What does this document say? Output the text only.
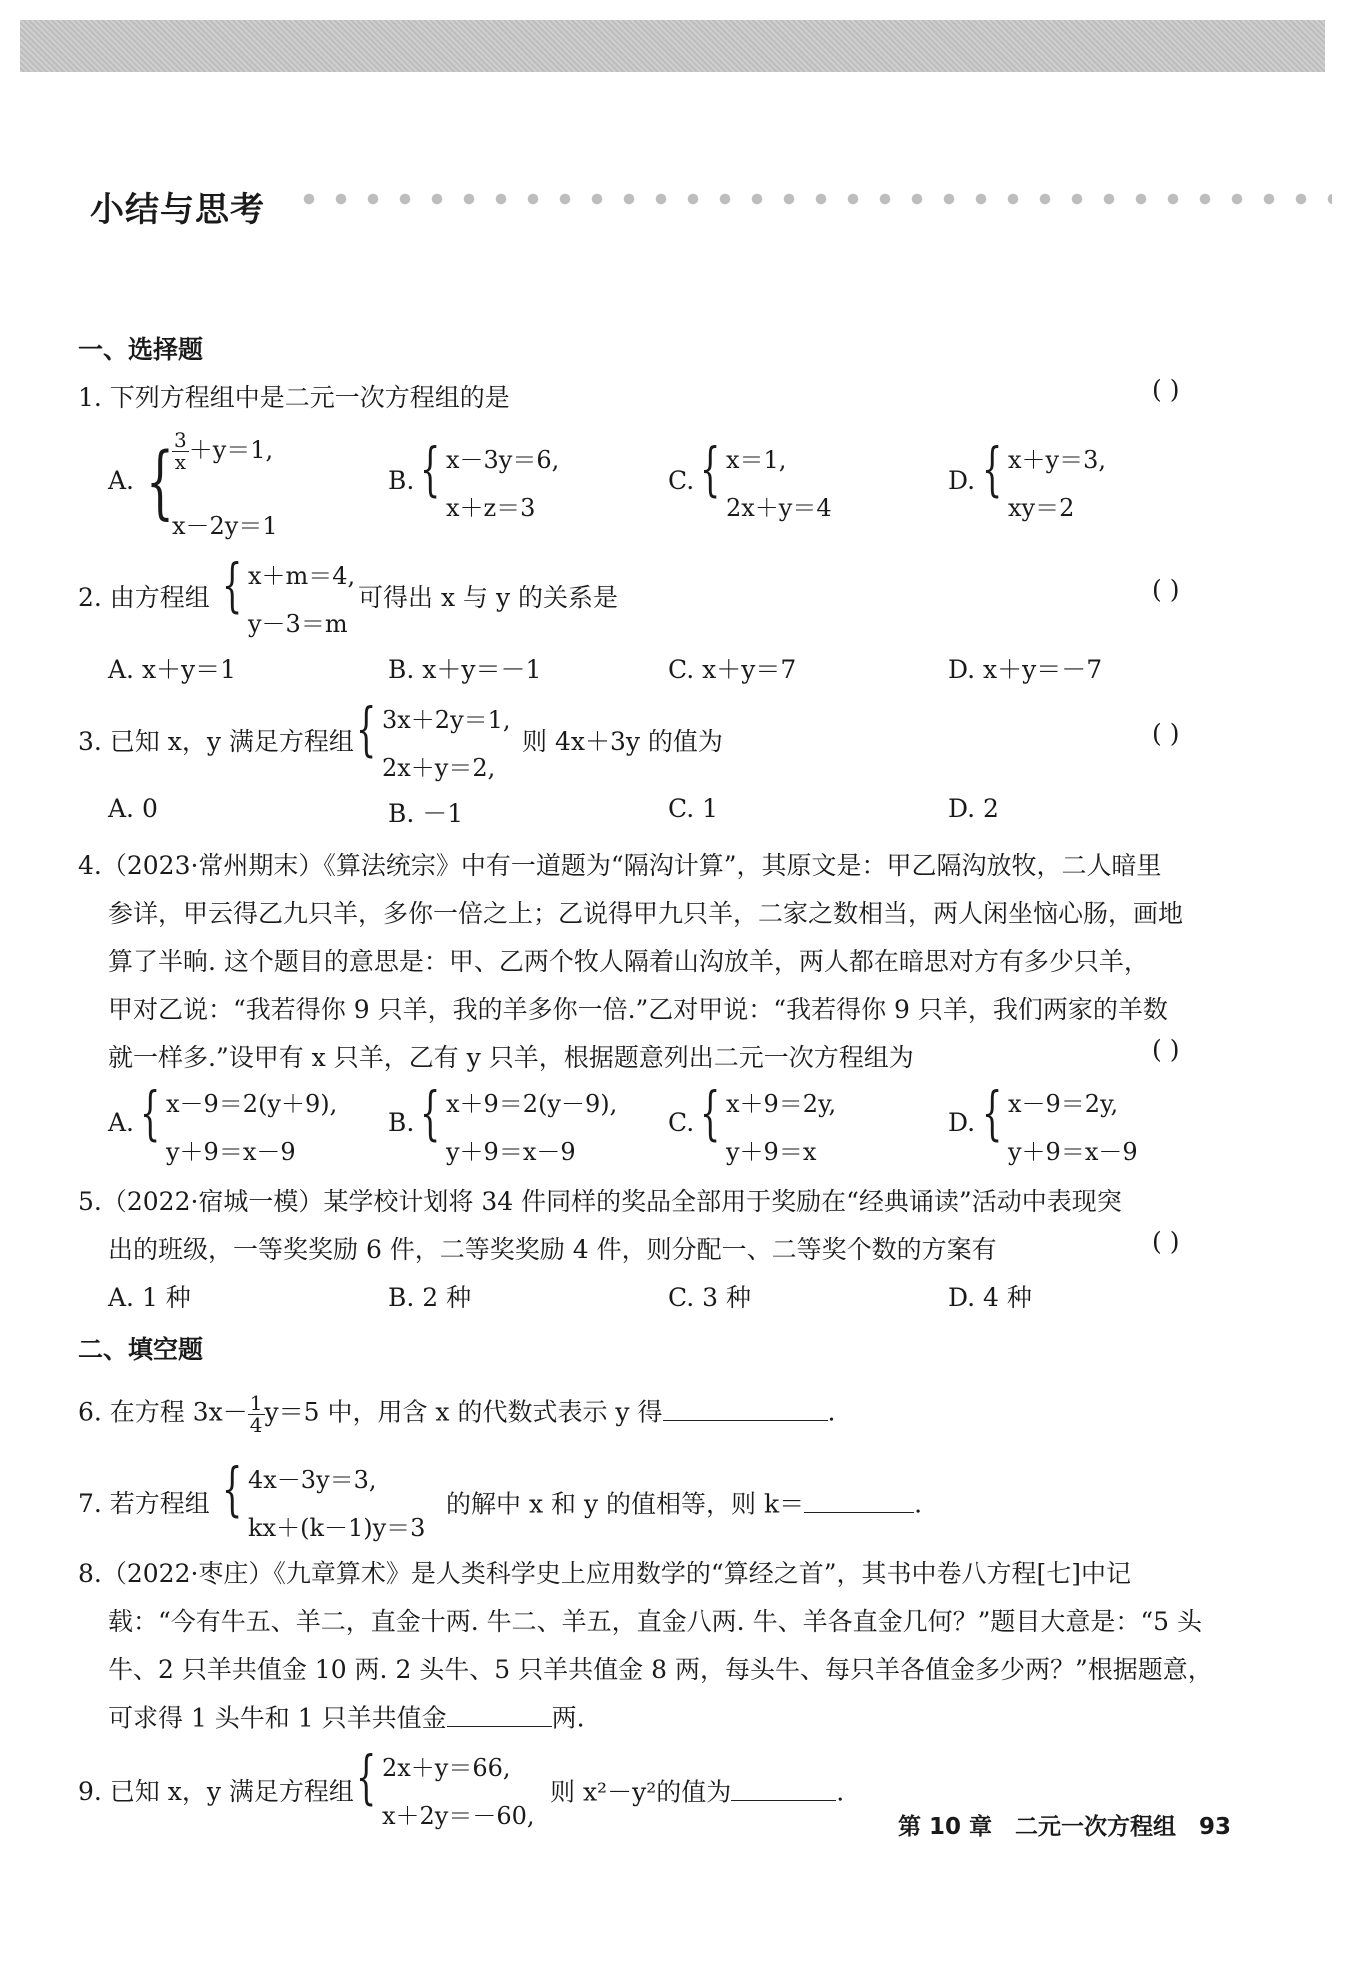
小结与思考
一、选择题
1. 下列方程组中是二元一次方程组的是	( )
A. {
$\frac{3}{x} +y=1$,
x－2y＝1
B. { x－3y＝6,
x＋z＝3
C. { x＝1,
2x＋y＝4
D. { x＋y＝3,
xy＝2
2. 由方程组 { x＋m＝4,
y－3＝m
可得出 x 与 y 的关系是	( )
A. x＋y＝1	B. x＋y＝－1	C. x＋y＝7	D. x＋y＝－7
3. 已知 x，y 满足方程组 { 3x＋2y＝1,
2x＋y＝2,
则 4x＋3y 的值为	( )
A. 0	B. －1	C. 1	D. 2
4.（2023·常州期末）《算法统宗》中有一道题为“隔沟计算”，其原文是：甲乙隔沟放牧，二人暗里
参详，甲云得乙九只羊，多你一倍之上；乙说得甲九只羊，二家之数相当，两人闲坐恼心肠，画地
算了半晌. 这个题目的意思是：甲、乙两个牧人隔着山沟放羊，两人都在暗思对方有多少只羊，
甲对乙说：“我若得你 9 只羊，我的羊多你一倍.”乙对甲说：“我若得你 9 只羊，我们两家的羊数
就一样多.”设甲有 x 只羊，乙有 y 只羊，根据题意列出二元一次方程组为	( )
A. { x－9＝2(y＋9),
y＋9＝x－9
B. { x＋9＝2(y－9),
y＋9＝x－9
C. { x＋9＝2y,
y＋9＝x
D. { x－9＝2y,
y＋9＝x－9
5.（2022·宿城一模）某学校计划将 34 件同样的奖品全部用于奖励在“经典诵读”活动中表现突
出的班级，一等奖奖励 6 件，二等奖奖励 4 件，则分配一、二等奖个数的方案有	( )
A. 1 种	B. 2 种	C. 3 种	D. 4 种
二、填空题
6. 在方程 $3x- \frac{1}{4} y=5$ 中，用含 x 的代数式表示 y 得	.
7. 若方程组 { 4x－3y＝3,
kx＋(k－1)y＝3
的解中 x 和 y 的值相等，则 k＝	.
8.（2022·枣庄）《九章算术》是人类科学史上应用数学的“算经之首”，其书中卷八方程[七]中记
载：“今有牛五、羊二，直金十两. 牛二、羊五，直金八两. 牛、羊各直金几何？”题目大意是：“5 头
牛、2 只羊共值金 10 两. 2 头牛、5 只羊共值金 8 两，每头牛、每只羊各值金多少两？”根据题意，
可求得 1 头牛和 1 只羊共值金	两.
9. 已知 x，y 满足方程组 { 2x＋y＝66,
x＋2y＝－60,
则 x²－y²的值为	.
第 10 章　二元一次方程组　93
